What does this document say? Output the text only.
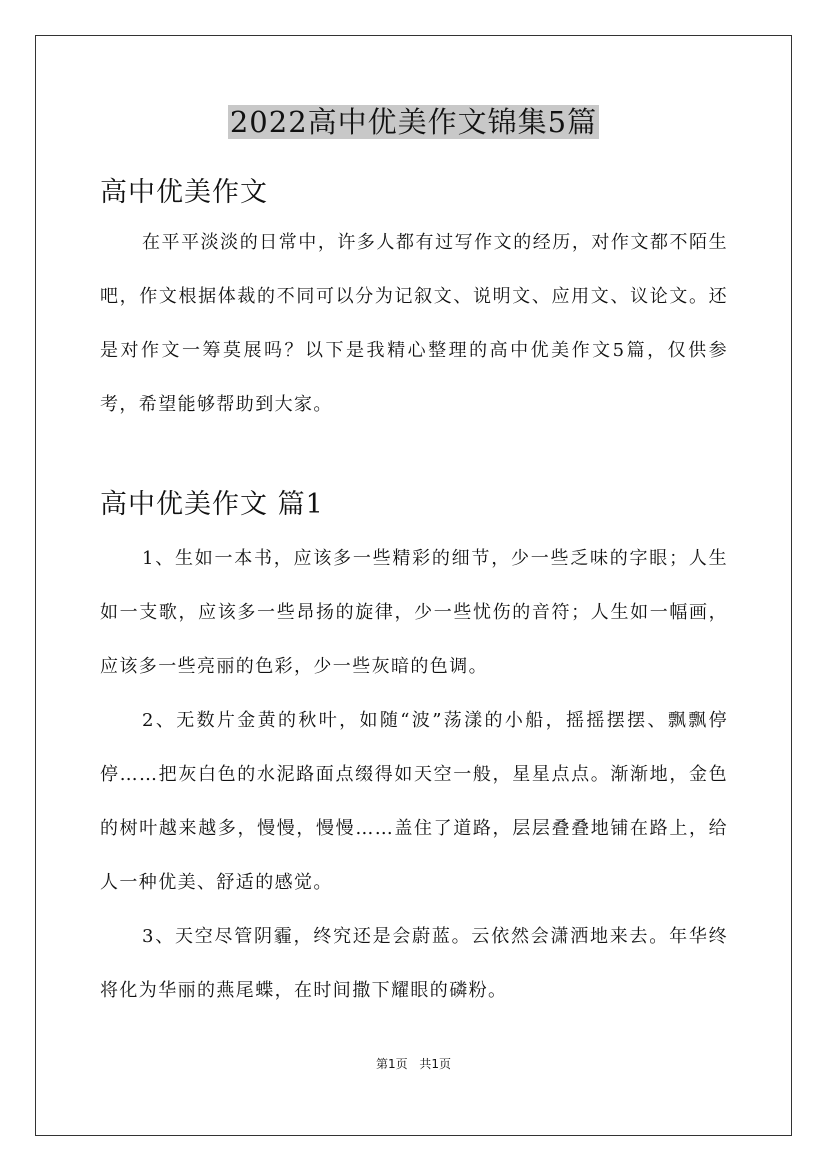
2022高中优美作文锦集5篇
高中优美作文

在平平淡淡的日常中，许多人都有过写作文的经历，对作文都不陌生吧，作文根据体裁的不同可以分为记叙文、说明文、应用文、议论文。还是对作文一筹莫展吗？以下是我精心整理的高中优美作文5篇，仅供参考，希望能够帮助到大家。

高中优美作文 篇1

1、生如一本书，应该多一些精彩的细节，少一些乏味的字眼；人生如一支歌，应该多一些昂扬的旋律，少一些忧伤的音符；人生如一幅画，应该多一些亮丽的色彩，少一些灰暗的色调。

2、无数片金黄的秋叶，如随“波”荡漾的小船，摇摇摆摆、飘飘停停……把灰白色的水泥路面点缀得如天空一般，星星点点。渐渐地，金色的树叶越来越多，慢慢，慢慢……盖住了道路，层层叠叠地铺在路上，给人一种优美、舒适的感觉。

3、天空尽管阴霾，终究还是会蔚蓝。云依然会潇洒地来去。年华终将化为华丽的燕尾蝶，在时间撒下耀眼的磷粉。

第1页 共1页
